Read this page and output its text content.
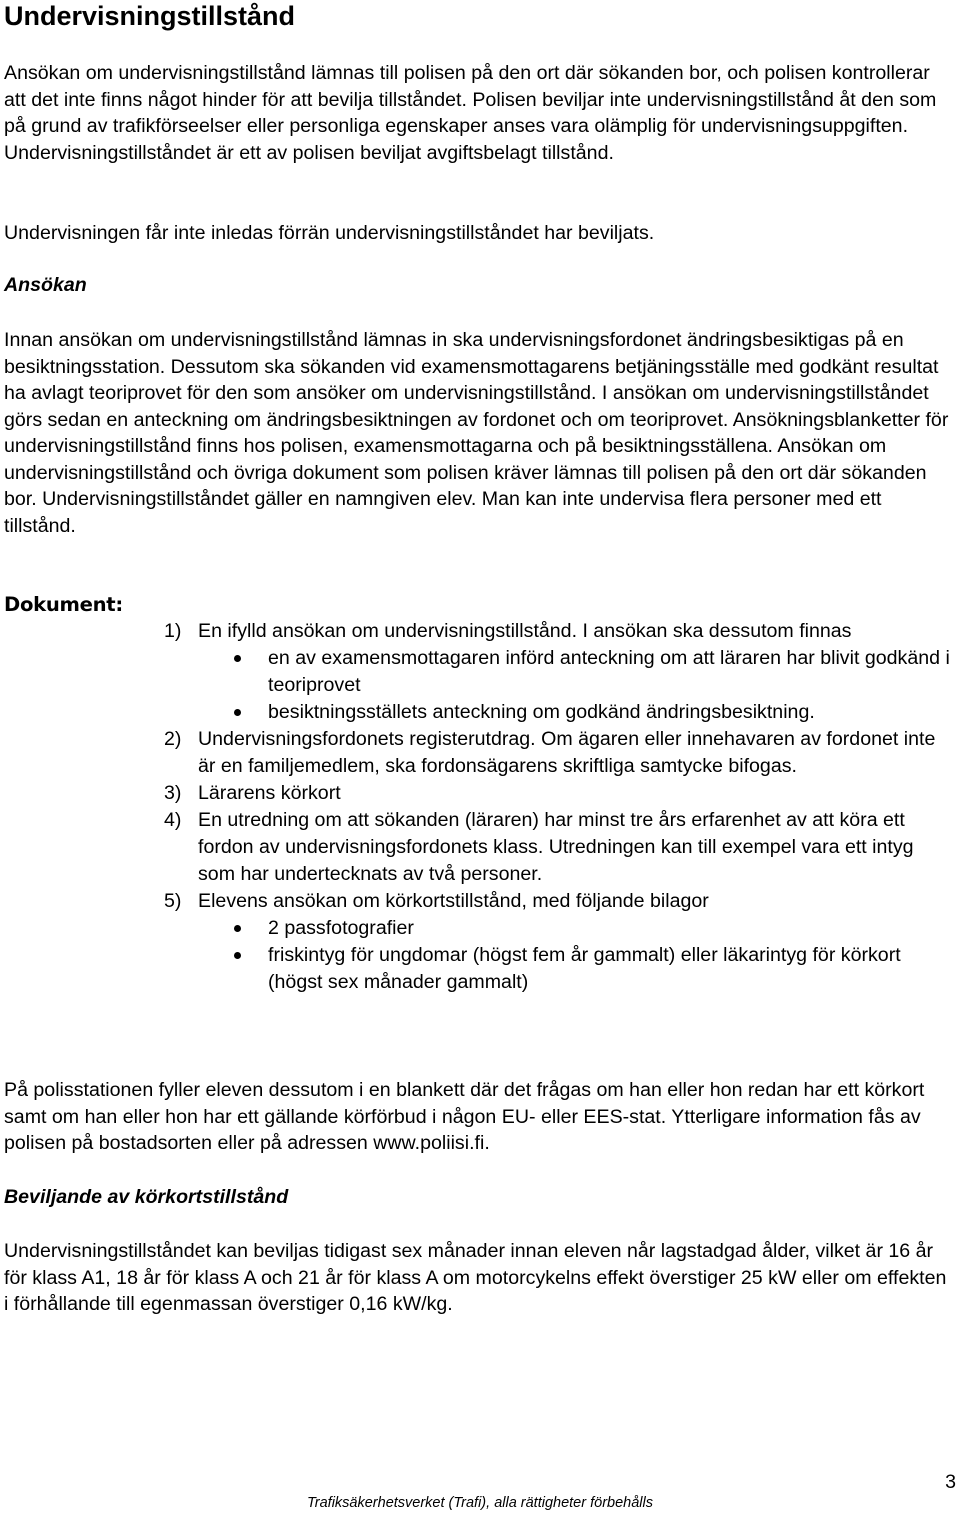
Undervisningstillstånd

Ansökan om undervisningstillstånd lämnas till polisen på den ort där sökanden bor, och polisen kontrollerar att det inte finns något hinder för att bevilja tillståndet. Polisen beviljar inte undervisningstillstånd åt den som på grund av trafikförseelser eller personliga egenskaper anses vara olämplig för undervisningsuppgiften. Undervisningstillståndet är ett av polisen beviljat avgiftsbelagt tillstånd.

Undervisningen får inte inledas förrän undervisningstillståndet har beviljats.

Ansökan

Innan ansökan om undervisningstillstånd lämnas in ska undervisningsfordonet ändringsbesiktigas på en besiktningsstation. Dessutom ska sökanden vid examensmottagarens betjäningsställe med godkänt resultat ha avlagt teoriprovet för den som ansöker om undervisningstillstånd. I ansökan om undervisningstillståndet görs sedan en anteckning om ändringsbesiktningen av fordonet och om teoriprovet. Ansökningsblanketter för undervisningstillstånd finns hos polisen, examensmottagarna och på besiktningsställena. Ansökan om undervisningstillstånd och övriga dokument som polisen kräver lämnas till polisen på den ort där sökanden bor. Undervisningstillståndet gäller en namngiven elev. Man kan inte undervisa flera personer med ett tillstånd.

Dokument:
1) En ifylld ansökan om undervisningstillstånd. I ansökan ska dessutom finnas
en av examensmottagaren införd anteckning om att läraren har blivit godkänd i teoriprovet
besiktningsställets anteckning om godkänd ändringsbesiktning.
2) Undervisningsfordonets registerutdrag. Om ägaren eller innehavaren av fordonet inte är en familjemedlem, ska fordonsägarens skriftliga samtycke bifogas.
3) Lärarens körkort
4) En utredning om att sökanden (läraren) har minst tre års erfarenhet av att köra ett fordon av undervisningsfordonets klass. Utredningen kan till exempel vara ett intyg som har undertecknats av två personer.
5) Elevens ansökan om körkortstillstånd, med följande bilagor
2 passfotografier
friskintyg för ungdomar (högst fem år gammalt) eller läkarintyg för körkort (högst sex månader gammalt)

På polisstationen fyller eleven dessutom i en blankett där det frågas om han eller hon redan har ett körkort samt om han eller hon har ett gällande körförbud i någon EU- eller EES-stat. Ytterligare information fås av polisen på bostadsorten eller på adressen www.poliisi.fi.

Beviljande av körkortstillstånd

Undervisningstillståndet kan beviljas tidigast sex månader innan eleven når lagstadgad ålder, vilket är 16 år för klass A1, 18 år för klass A och 21 år för klass A om motorcykelns effekt överstiger 25 kW eller om effekten i förhållande till egenmassan överstiger 0,16 kW/kg.

3
Trafiksäkerhetsverket (Trafi), alla rättigheter förbehålls
